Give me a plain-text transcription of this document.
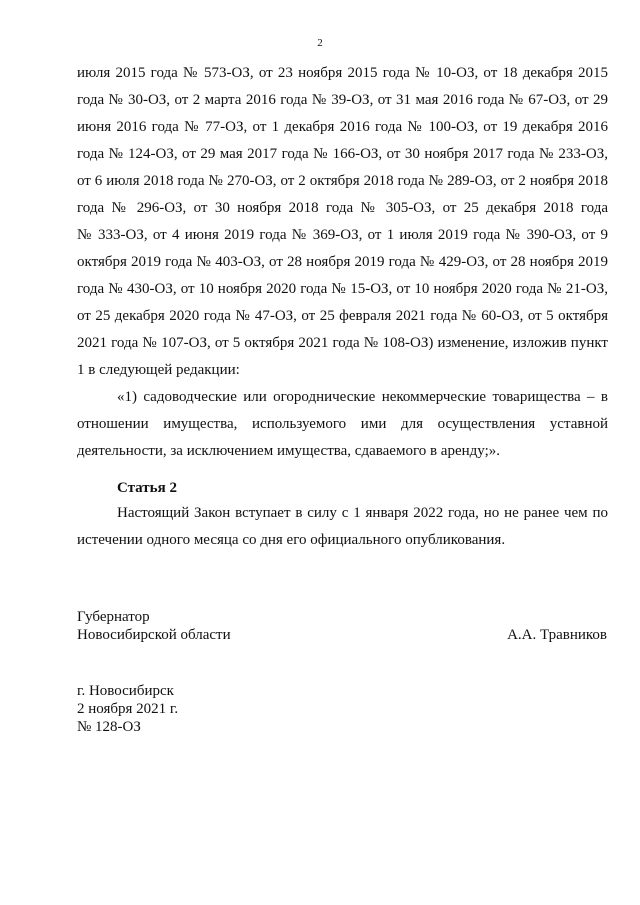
2
июля 2015 года № 573-ОЗ, от 23 ноября 2015 года № 10-ОЗ, от 18 декабря 2015
года № 30-ОЗ, от 2 марта 2016 года № 39-ОЗ, от 31 мая 2016 года № 67-ОЗ, от 29
июня 2016 года № 77-ОЗ, от 1 декабря 2016 года № 100-ОЗ, от 19 декабря 2016
года № 124-ОЗ, от 29 мая 2017 года № 166-ОЗ, от 30 ноября 2017 года № 233-ОЗ,
от 6 июля 2018 года № 270-ОЗ, от 2 октября 2018 года № 289-ОЗ, от 2 ноября 2018
года № 296-ОЗ, от 30 ноября 2018 года № 305-ОЗ, от 25 декабря 2018 года
№ 333-ОЗ, от 4 июня 2019 года № 369-ОЗ, от 1 июля 2019 года № 390-ОЗ, от 9
октября 2019 года № 403-ОЗ, от 28 ноября 2019 года № 429-ОЗ, от 28 ноября 2019
года № 430-ОЗ, от 10 ноября 2020 года № 15-ОЗ, от 10 ноября 2020 года № 21-ОЗ,
от 25 декабря 2020 года № 47-ОЗ, от 25 февраля 2021 года № 60-ОЗ, от 5 октября
2021 года № 107-ОЗ, от 5 октября 2021 года № 108-ОЗ) изменение, изложив пункт
1 в следующей редакции:
«1) садоводческие или огороднические некоммерческие товарищества – в
отношении имущества, используемого ими для осуществления уставной
деятельности, за исключением имущества, сдаваемого в аренду;».
Статья 2
Настоящий Закон вступает в силу с 1 января 2022 года, но не ранее чем по
истечении одного месяца со дня его официального опубликования.
Губернатор
Новосибирской области	А.А. Травников
г. Новосибирск
2 ноября 2021 г.
№ 128-ОЗ
